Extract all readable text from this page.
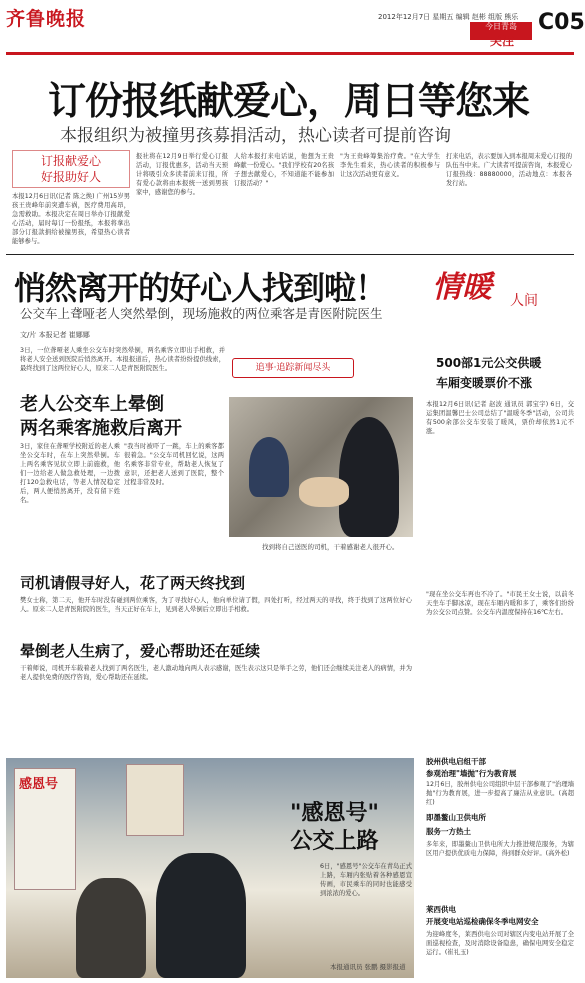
齐鲁晚报	2012年12月7日 星期五 编辑 赵彬 组版 熊乐
今日青岛
关注
C05
订份报纸献爱心，周日等您来
本报组织为被撞男孩募捐活动，热心读者可提前咨询
订报献爱心
好报助好人
本报12月6日讯(记者 陈之焕) 广州15岁男孩王贵峰年前突遭车祸，医疗费用高昂，急需救助。本报决定在周日举办订报献爱心活动，届时每订一份报纸，本报将拿出部分订报款捐给被撞男孩，希望热心读者能够参与。
报社将在12月9日举行爱心订报活动，订报优惠多，活动当天预计将吸引众多读者前来订报，所有爱心款将由本报统一送到男孩家中，感谢您的参与。
人给本报打来电话说，他想为王贵峰献一份爱心。"我们学校有20名孩子想去献爱心，不知道能不能参加订报活动？"
"为王贵峰筹集治疗费。"在大学生李先生看来，热心读者的积极参与让这次活动更有意义。
打来电话，表示要加入到本报周末爱心订报的队伍当中来。广大读者可提前咨询，本报爱心订报热线：88880000，活动地点：本报各发行站。
悄然离开的好心人找到啦！
公交车上聋哑老人突然晕倒，现场施救的两位乘客是青医附院医生
文/片 本报记者 崔娜娜
3日，一位聋哑老人乘坐公交车时突然晕倒，两名乘客立即出手相救，并将老人安全送到医院后悄然离开。本报报道后，热心读者纷纷提供线索，最终找到了这两位好心人，原来二人是青医附院医生。	追事·追踪新闻尽头
老人公交车上晕倒
两名乘客施救后离开
3日，家住在聋哑学校附近的老人乘坐公交车时，在车上突然晕倒。车上两名乘客见状立即上前施救，他们一边给老人做急救处理，一边拨打120急救电话，等老人情况稳定后，两人便悄然离开，没有留下姓名。
"我当时被吓了一跳，车上的乘客都很着急。"公交车司机回忆说，这两名乘客非常专业，帮助老人恢复了意识，还把老人送到了医院，整个过程非常及时。
找到将自己送医的司机，干着感谢老人很开心。
司机请假寻好人，花了两天终找到
樊女士称，第二天，他开车时没有碰到两位乘客，为了寻找好心人，他向单位请了假，四处打听，经过两天的寻找，终于找到了这两位好心人。原来二人是青医附院的医生，当天正好在车上，见到老人晕倒后立即出手相救。
晕倒老人生病了，爱心帮助还在延续
干着师说，司机开车载着老人找到了两名医生，老人激动地向两人表示感谢，医生表示这只是举手之劳，他们还会继续关注老人的病情，并为老人提供免费的医疗咨询，爱心帮助还在延续。
情暖 人间
500部1元公交供暖
车厢变暖票价不涨
本报12月6日讯(记者 赵波 通讯员 郭宝宇) 6日，交运集团温馨巴士公司总结了"温暖冬季"活动，公司共有500余部公交车安装了暖风，票价却依然1元不涨。
"现在坐公交车再也不冷了。"市民王女士说，以前冬天坐车手脚冰凉，现在车厢内暖和多了，乘客们纷纷为公交公司点赞。公交车内温度保持在16℃左右。
胶州供电启组干部
参观治理"墙抛"行为教育展
12月6日，胶州供电公司组织中层干部参观了"治理墙抛"行为教育展，进一步提高了廉洁从业意识。(高超红)
即墨鳌山卫供电所
服务一方热土
多年来，即墨鳌山卫供电所大力推进规范服务，为辖区用户提供优质电力保障，得到群众好评。(高外松)
莱西供电
开展变电站巡检确保冬季电网安全
为迎峰度冬，莱西供电公司对辖区内变电站开展了全面巡视检查，及时消除设备隐患，确保电网安全稳定运行。(崔礼玉)
感恩号
"感恩号"
公交上路
6日，"感恩号"公交车在青岛正式上路，车厢内张贴着各种感恩宣传画，市民乘车的同时也能感受到浓浓的爱心。
本报通讯员 张鹏 摄影报道
